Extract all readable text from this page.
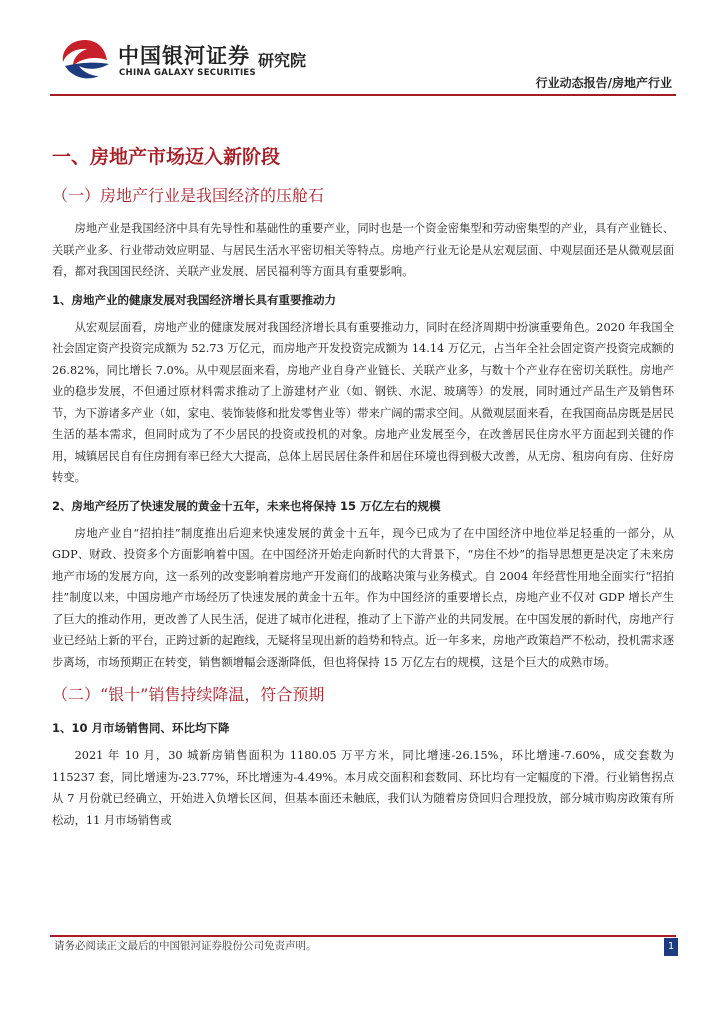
中国银河证券
CHINA GALAXY SECURITIES
研究院
行业动态报告/房地产行业
一、房地产市场迈入新阶段
（一）房地产行业是我国经济的压舱石

房地产业是我国经济中具有先导性和基础性的重要产业，同时也是一个资金密集型和劳动密集型的产业，具有产业链长、关联产业多、行业带动效应明显、与居民生活水平密切相关等特点。房地产行业无论是从宏观层面、中观层面还是从微观层面看，都对我国国民经济、关联产业发展、居民福利等方面具有重要影响。

1、房地产业的健康发展对我国经济增长具有重要推动力

从宏观层面看，房地产业的健康发展对我国经济增长具有重要推动力，同时在经济周期中扮演重要角色。2020 年我国全社会固定资产投资完成额为 52.73 万亿元，而房地产开发投资完成额为 14.14 万亿元，占当年全社会固定资产投资完成额的 26.82%，同比增长 7.0%。从中观层面来看，房地产业自身产业链长、关联产业多，与数十个产业存在密切关联性。房地产业的稳步发展，不但通过原材料需求推动了上游建材产业（如、钢铁、水泥、玻璃等）的发展，同时通过产品生产及销售环节，为下游诸多产业（如，家电、装饰装修和批发零售业等）带来广阔的需求空间。从微观层面来看，在我国商品房既是居民生活的基本需求，但同时成为了不少居民的投资或投机的对象。房地产业发展至今，在改善居民住房水平方面起到关键的作用，城镇居民自有住房拥有率已经大大提高，总体上居民居住条件和居住环境也得到极大改善，从无房、租房向有房、住好房转变。

2、房地产经历了快速发展的黄金十五年，未来也将保持 15 万亿左右的规模

房地产业自“招拍挂”制度推出后迎来快速发展的黄金十五年，现今已成为了在中国经济中地位举足轻重的一部分，从 GDP、财政、投资多个方面影响着中国。在中国经济开始走向新时代的大背景下，“房住不炒”的指导思想更是决定了未来房地产市场的发展方向，这一系列的改变影响着房地产开发商们的战略决策与业务模式。自 2004 年经营性用地全面实行“招拍挂”制度以来，中国房地产市场经历了快速发展的黄金十五年。作为中国经济的重要增长点，房地产业不仅对 GDP 增长产生了巨大的推动作用，更改善了人民生活，促进了城市化进程，推动了上下游产业的共同发展。在中国发展的新时代，房地产行业已经站上新的平台，正跨过新的起跑线，无疑将呈现出新的趋势和特点。近一年多来，房地产政策趋严不松动，投机需求逐步离场，市场预期正在转变，销售额增幅会逐渐降低，但也将保持 15 万亿左右的规模，这是个巨大的成熟市场。

（二）“银十”销售持续降温，符合预期
1、10 月市场销售同、环比均下降

2021 年 10 月，30 城新房销售面积为 1180.05 万平方米，同比增速-26.15%，环比增速-7.60%，成交套数为 115237 套，同比增速为-23.77%，环比增速为-4.49%。本月成交面积和套数同、环比均有一定幅度的下滑。行业销售拐点从 7 月份就已经确立，开始进入负增长区间，但基本面还未触底，我们认为随着房贷回归合理投放，部分城市购房政策有所松动，11 月市场销售或

请务必阅读正文最后的中国银河证券股份公司免责声明。	1
